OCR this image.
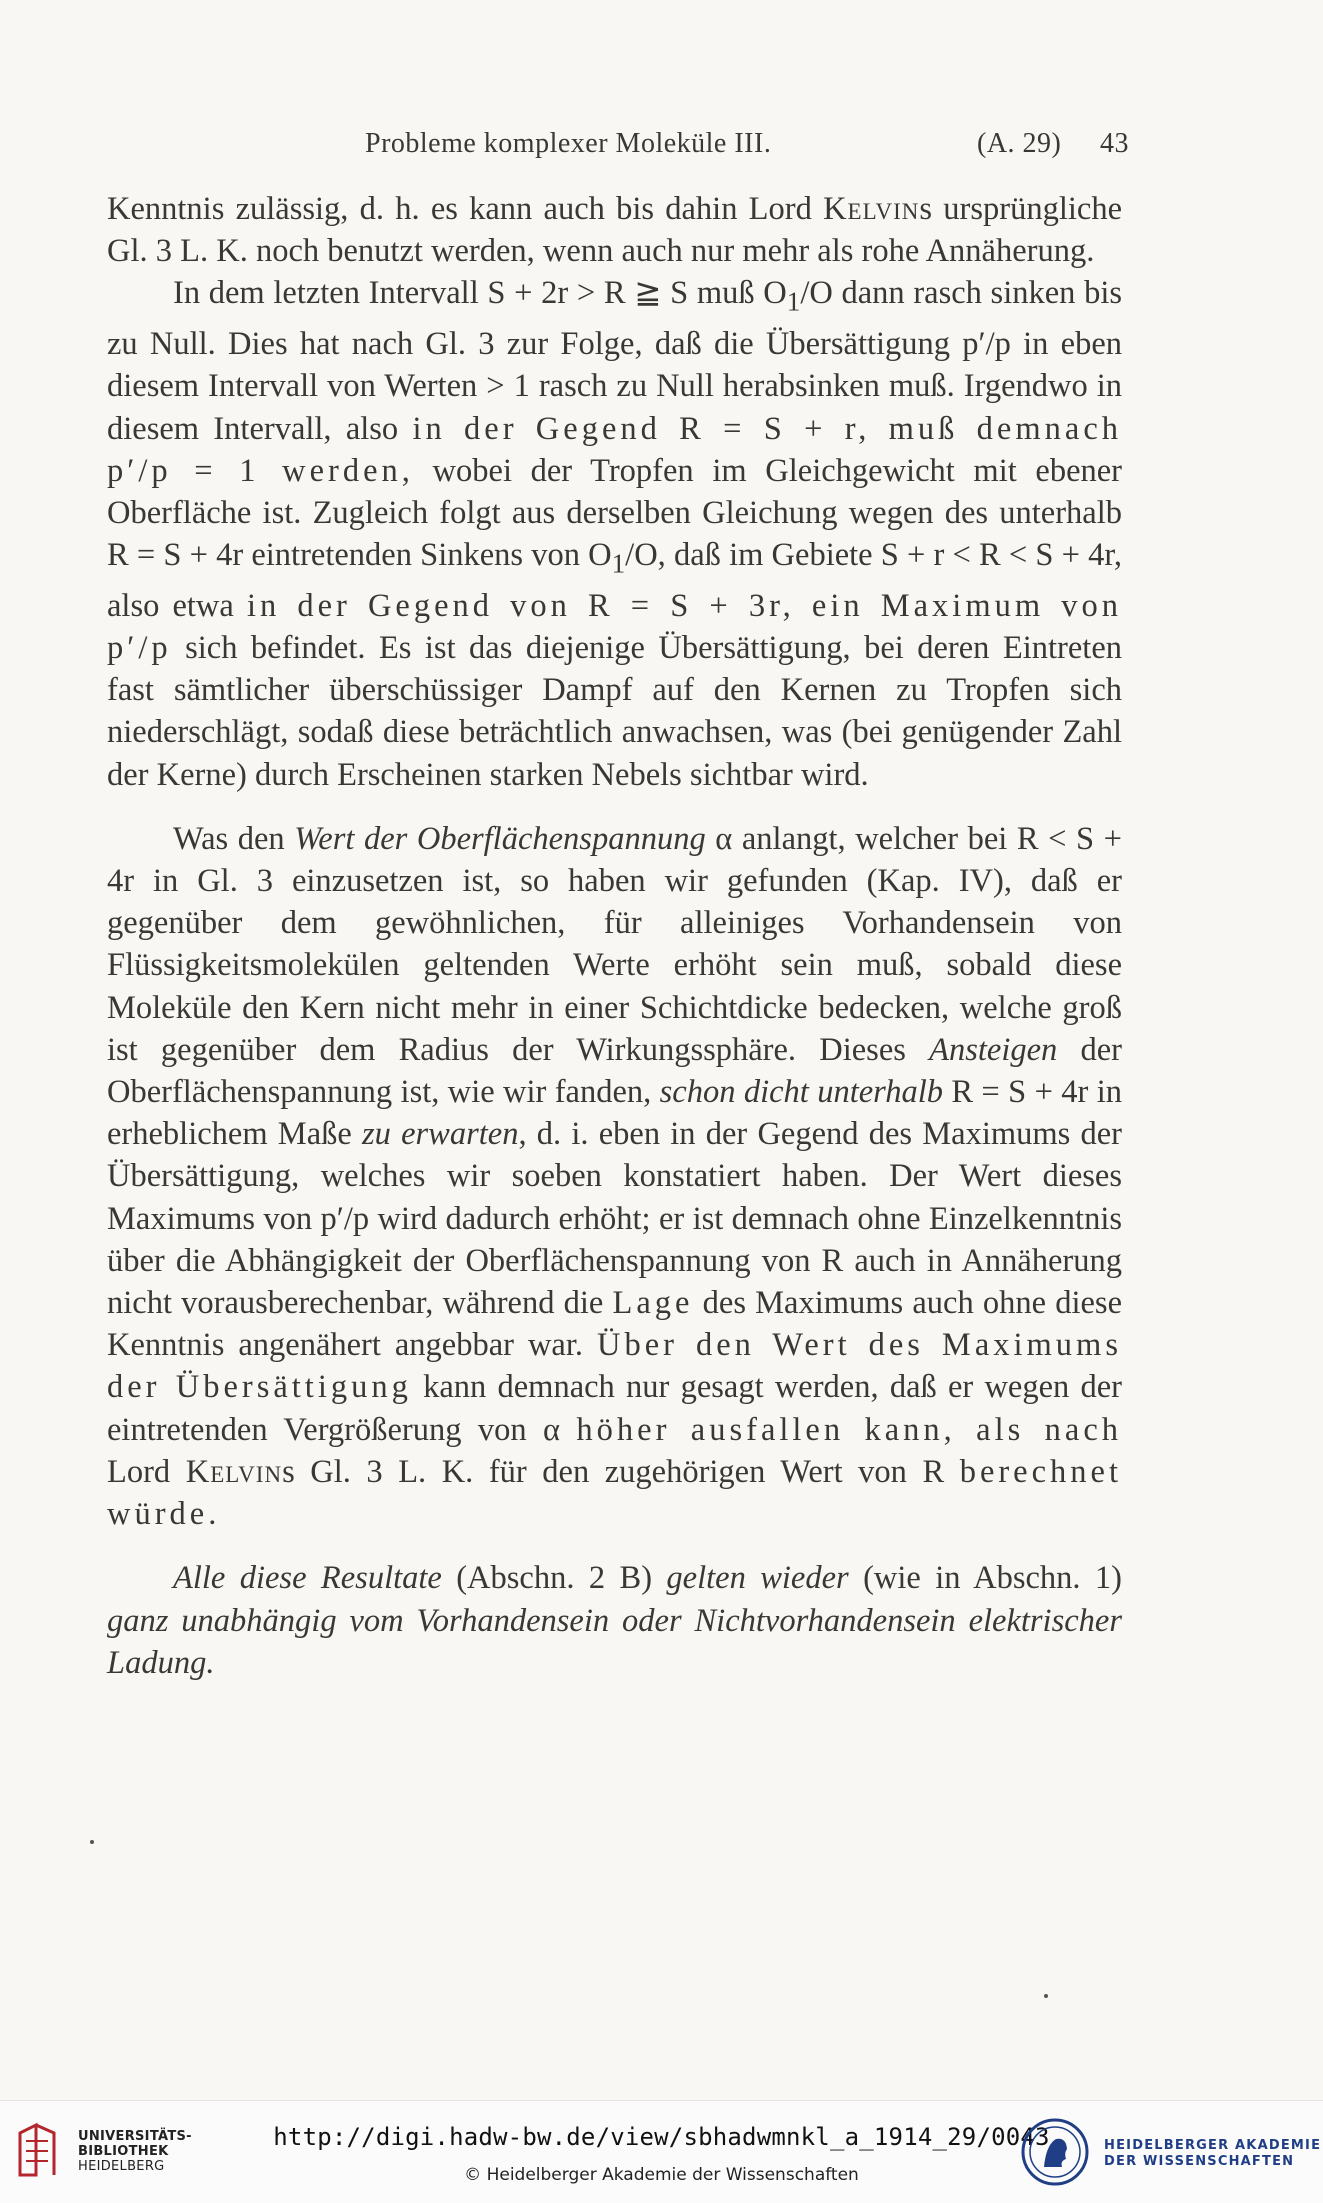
Probleme komplexer Moleküle III.	(A. 29) 43

Kenntnis zulässig, d. h. es kann auch bis dahin Lord Kelvins ursprüngliche Gl. 3 L. K. noch benutzt werden, wenn auch nur mehr als rohe Annäherung.

In dem letzten Intervall S + 2r > R ≧ S muß $O_1/O$ dann rasch sinken bis zu Null. Dies hat nach Gl. 3 zur Folge, daß die Übersättigung p′/p in eben diesem Intervall von Werten > 1 rasch zu Null herabsinken muß. Irgendwo in diesem Intervall, also in der Gegend R = S + r, muß demnach p′/p = 1 werden, wobei der Tropfen im Gleichgewicht mit ebener Oberfläche ist. Zugleich folgt aus derselben Gleichung wegen des unterhalb R = S + 4r eintretenden Sinkens von $O_1/O$, daß im Gebiete S + r < R < S + 4r, also etwa in der Gegend von R = S + 3r, ein Maximum von p′/p sich befindet. Es ist das diejenige Übersättigung, bei deren Eintreten fast sämtlicher überschüssiger Dampf auf den Kernen zu Tropfen sich niederschlägt, sodaß diese beträchtlich anwachsen, was (bei genügender Zahl der Kerne) durch Erscheinen starken Nebels sichtbar wird.

Was den Wert der Oberflächenspannung α anlangt, welcher bei R < S + 4r in Gl. 3 einzusetzen ist, so haben wir gefunden (Kap. IV), daß er gegenüber dem gewöhnlichen, für alleiniges Vorhandensein von Flüssigkeitsmolekülen geltenden Werte erhöht sein muß, sobald diese Moleküle den Kern nicht mehr in einer Schichtdicke bedecken, welche groß ist gegenüber dem Radius der Wirkungssphäre. Dieses Ansteigen der Oberflächenspannung ist, wie wir fanden, schon dicht unterhalb R = S + 4r in erheblichem Maße zu erwarten, d. i. eben in der Gegend des Maximums der Übersättigung, welches wir soeben konstatiert haben. Der Wert dieses Maximums von p′/p wird dadurch erhöht; er ist demnach ohne Einzelkenntnis über die Abhängigkeit der Oberflächenspannung von R auch in Annäherung nicht vorausberechenbar, während die Lage des Maximums auch ohne diese Kenntnis angenähert angebbar war. Über den Wert des Maximums der Übersättigung kann demnach nur gesagt werden, daß er wegen der eintretenden Vergrößerung von α höher ausfallen kann, als nach Lord Kelvins Gl. 3 L. K. für den zugehörigen Wert von R berechnet würde.

Alle diese Resultate (Abschn. 2 B) gelten wieder (wie in Abschn. 1) ganz unabhängig vom Vorhandensein oder Nichtvorhandensein elektrischer Ladung.

UNIVERSITÄTS-
BIBLIOTHEK
HEIDELBERG
http://digi.hadw-bw.de/view/sbhadwmnkl_a_1914_29/0043
© Heidelberger Akademie der Wissenschaften
HEIDELBERGER AKADEMIE
DER WISSENSCHAFTEN
